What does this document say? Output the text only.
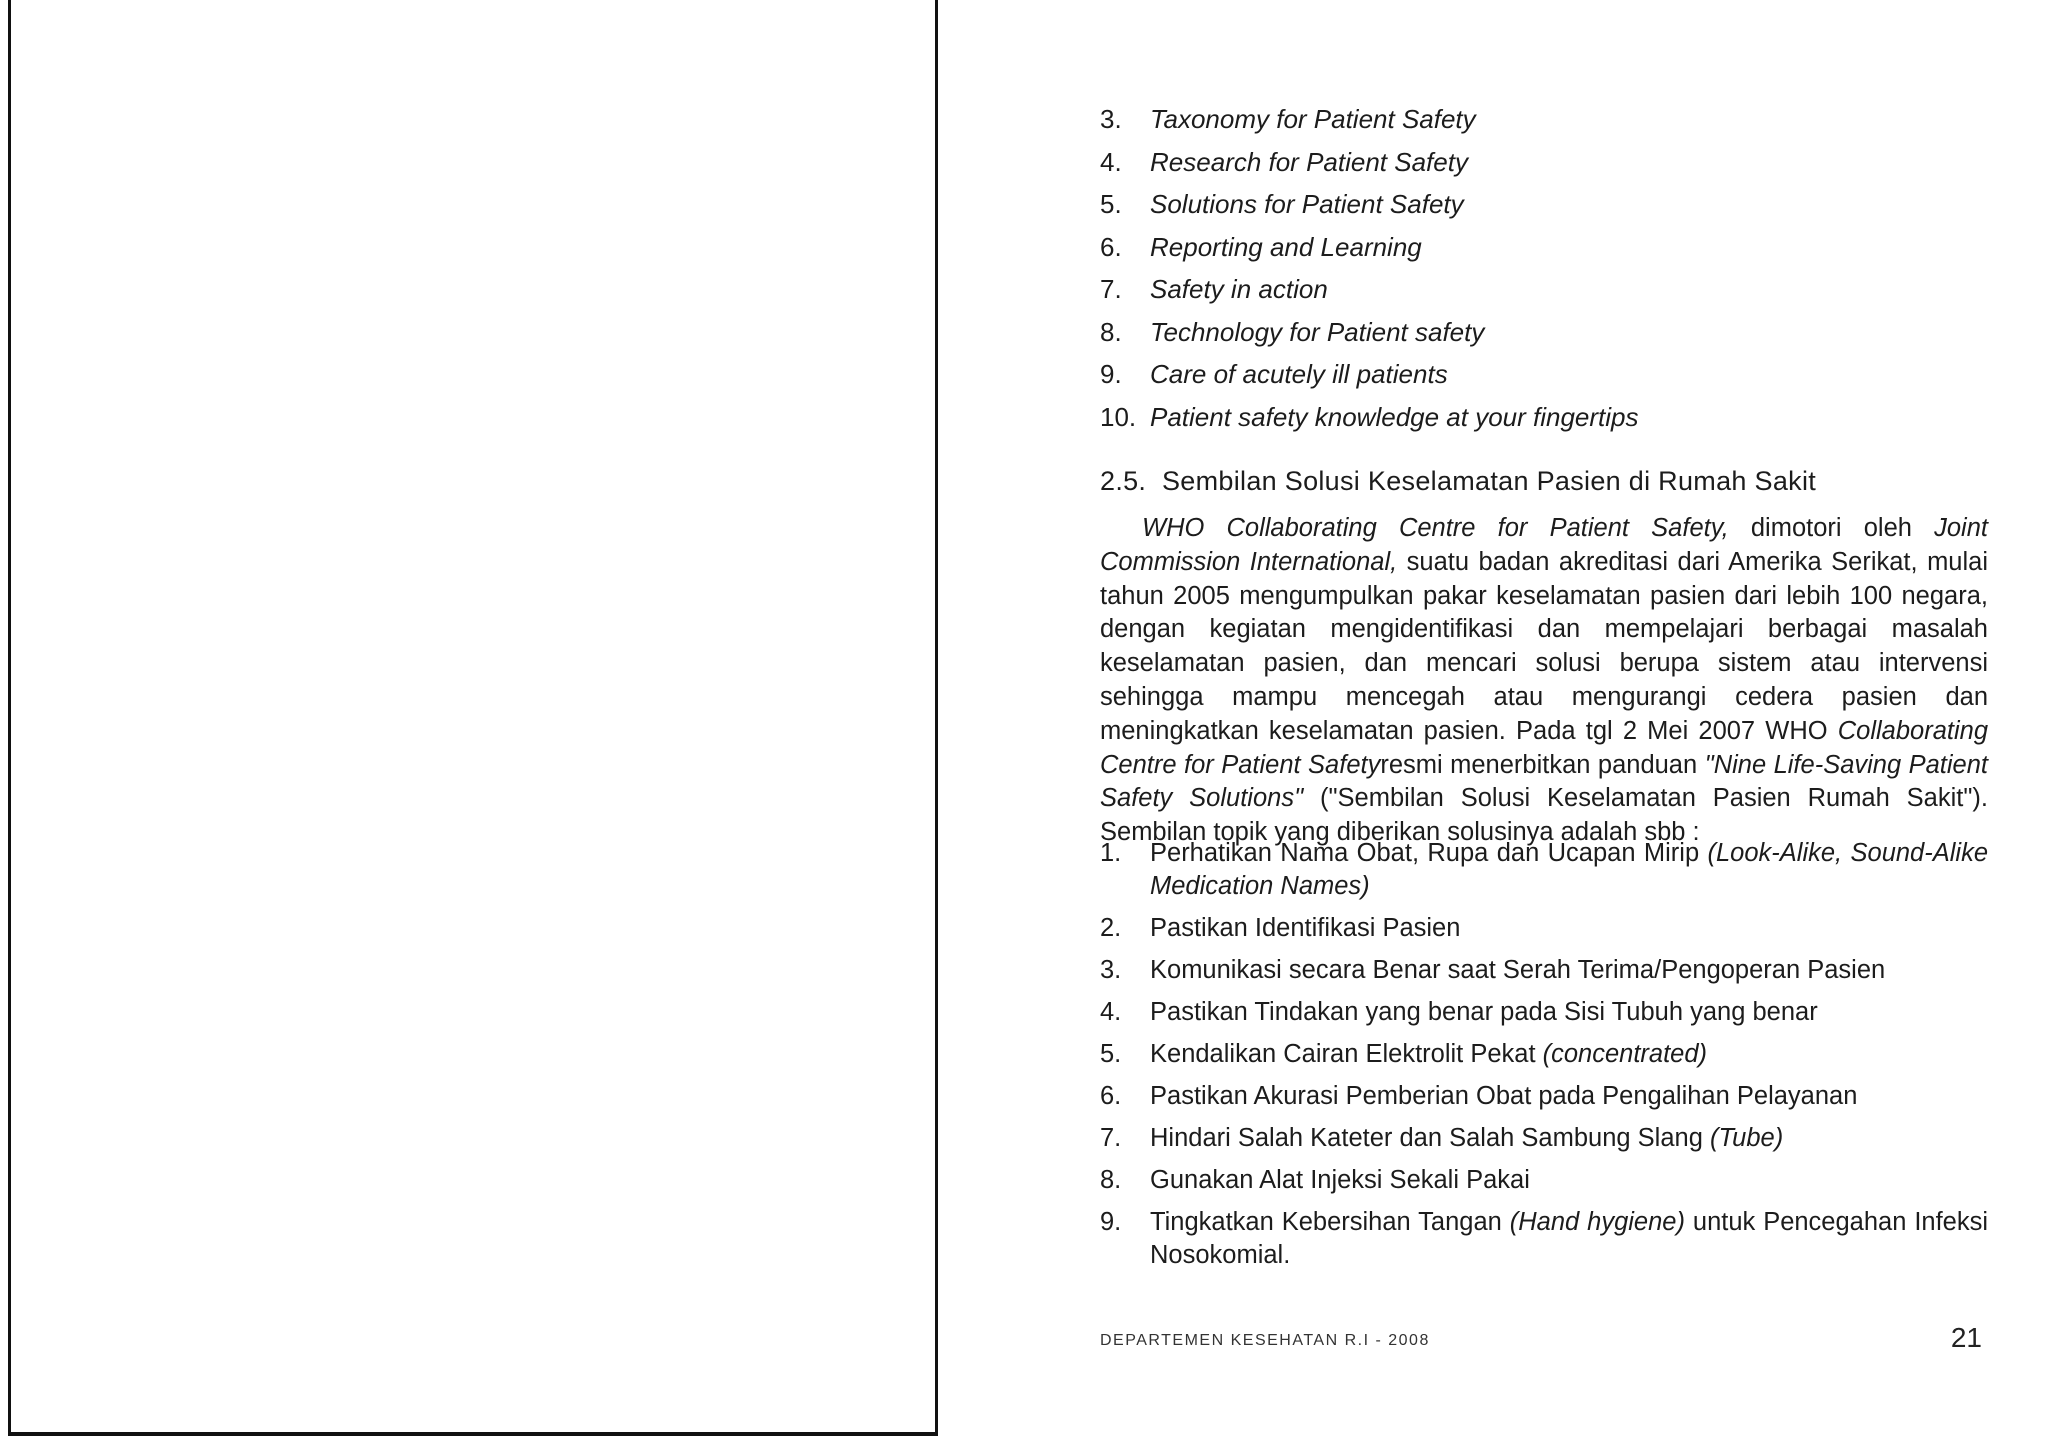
3. Taxonomy for Patient Safety
4. Research for Patient Safety
5. Solutions for Patient Safety
6. Reporting and Learning
7. Safety in action
8. Technology for Patient safety
9. Care of acutely ill patients
10. Patient safety knowledge at your fingertips
2.5. Sembilan Solusi Keselamatan Pasien di Rumah Sakit

WHO Collaborating Centre for Patient Safety, dimotori oleh Joint Commission International, suatu badan akreditasi dari Amerika Serikat, mulai tahun 2005 mengumpulkan pakar keselamatan pasien dari lebih 100 negara, dengan kegiatan mengidentifikasi dan mempelajari berbagai masalah keselamatan pasien, dan mencari solusi berupa sistem atau intervensi sehingga mampu mencegah atau mengurangi cedera pasien dan meningkatkan keselamatan pasien. Pada tgl 2 Mei 2007 WHO Collaborating Centre for Patient Safetyresmi menerbitkan panduan "Nine Life-Saving Patient Safety Solutions" ("Sembilan Solusi Keselamatan Pasien Rumah Sakit"). Sembilan topik yang diberikan solusinya adalah sbb :

1. Perhatikan Nama Obat, Rupa dan Ucapan Mirip (Look-Alike, Sound-Alike Medication Names)
2. Pastikan Identifikasi Pasien
3. Komunikasi secara Benar saat Serah Terima/Pengoperan Pasien
4. Pastikan Tindakan yang benar pada Sisi Tubuh yang benar
5. Kendalikan Cairan Elektrolit Pekat (concentrated)
6. Pastikan Akurasi Pemberian Obat pada Pengalihan Pelayanan
7. Hindari Salah Kateter dan Salah Sambung Slang (Tube)
8. Gunakan Alat Injeksi Sekali Pakai
9. Tingkatkan Kebersihan Tangan (Hand hygiene) untuk Pencegahan Infeksi Nosokomial.
DEPARTEMEN KESEHATAN R.I - 2008	21
